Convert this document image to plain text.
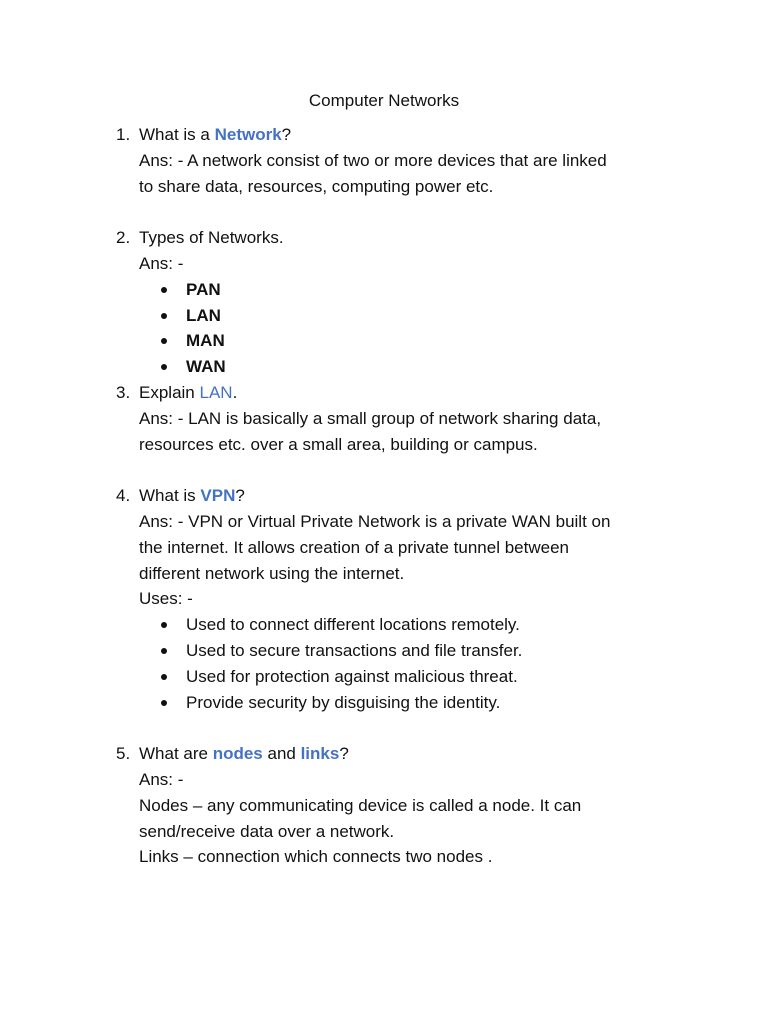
Computer Networks
1. What is a Network?
Ans: - A network consist of two or more devices that are linked
to share data, resources, computing power etc.
2. Types of Networks.
Ans: -
PAN
LAN
MAN
WAN
3. Explain LAN.
Ans: - LAN is basically a small group of network sharing data,
resources etc. over a small area, building or campus.
4. What is VPN?
Ans: - VPN or Virtual Private Network is a private WAN built on
the internet. It allows creation of a private tunnel between
different network using the internet.
Uses: -
Used to connect different locations remotely.
Used to secure transactions and file transfer.
Used for protection against malicious threat.
Provide security by disguising the identity.
5. What are nodes and links?
Ans: -
Nodes – any communicating device is called a node. It can
send/receive data over a network.
Links – connection which connects two nodes .
